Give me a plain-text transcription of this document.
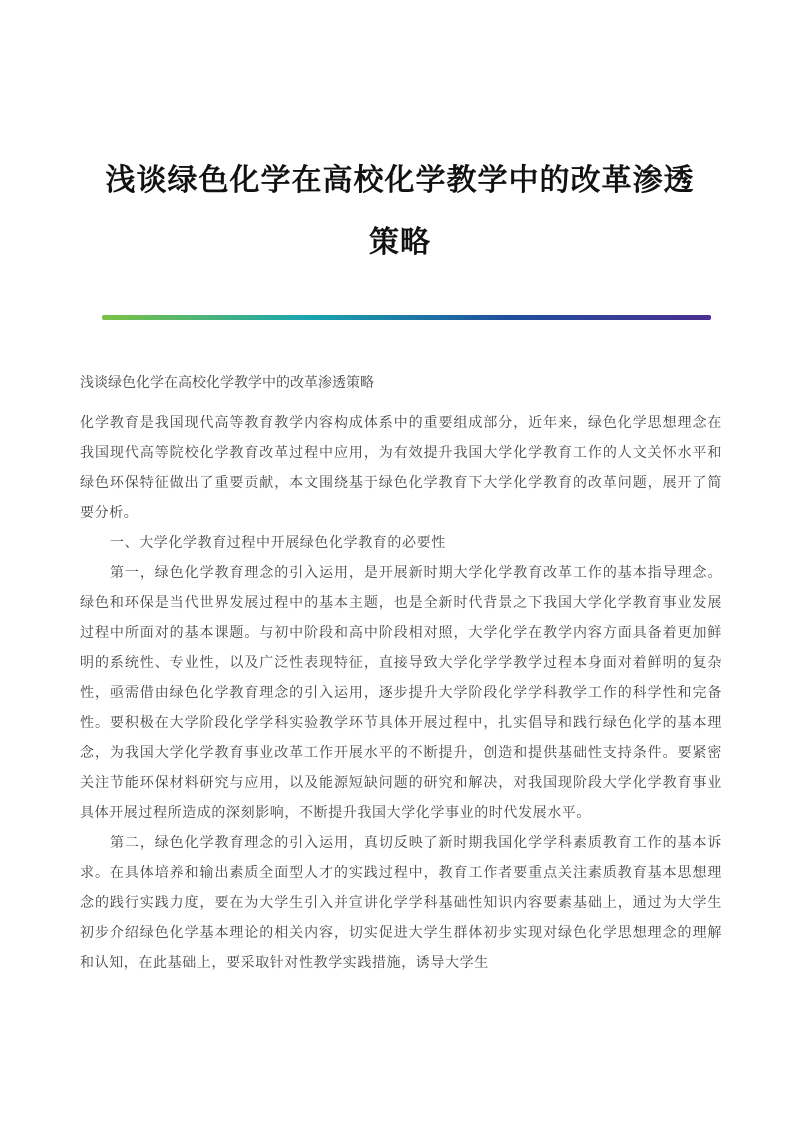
浅谈绿色化学在高校化学教学中的改革渗透
策略

浅谈绿色化学在高校化学教学中的改革渗透策略

化学教育是我国现代高等教育教学内容构成体系中的重要组成部分，近年来，绿色化学思想理念在我国现代高等院校化学教育改革过程中应用，为有效提升我国大学化学教育工作的人文关怀水平和绿色环保特征做出了重要贡献，本文围绕基于绿色化学教育下大学化学教育的改革问题，展开了简要分析。

一、大学化学教育过程中开展绿色化学教育的必要性

第一，绿色化学教育理念的引入运用，是开展新时期大学化学教育改革工作的基本指导理念。绿色和环保是当代世界发展过程中的基本主题，也是全新时代背景之下我国大学化学教育事业发展过程中所面对的基本课题。与初中阶段和高中阶段相对照，大学化学在教学内容方面具备着更加鲜明的系统性、专业性，以及广泛性表现特征，直接导致大学化学学教学过程本身面对着鲜明的复杂性，亟需借由绿色化学教育理念的引入运用，逐步提升大学阶段化学学科教学工作的科学性和完备性。要积极在大学阶段化学学科实验教学环节具体开展过程中，扎实倡导和践行绿色化学的基本理念，为我国大学化学教育事业改革工作开展水平的不断提升，创造和提供基础性支持条件。要紧密关注节能环保材料研究与应用，以及能源短缺问题的研究和解决，对我国现阶段大学化学教育事业具体开展过程所造成的深刻影响，不断提升我国大学化学事业的时代发展水平。

第二，绿色化学教育理念的引入运用，真切反映了新时期我国化学学科素质教育工作的基本诉求。在具体培养和输出素质全面型人才的实践过程中，教育工作者要重点关注素质教育基本思想理念的践行实践力度，要在为大学生引入并宣讲化学学科基础性知识内容要素基础上，通过为大学生初步介绍绿色化学基本理论的相关内容，切实促进大学生群体初步实现对绿色化学思想理念的理解和认知，在此基础上，要采取针对性教学实践措施，诱导大学生
